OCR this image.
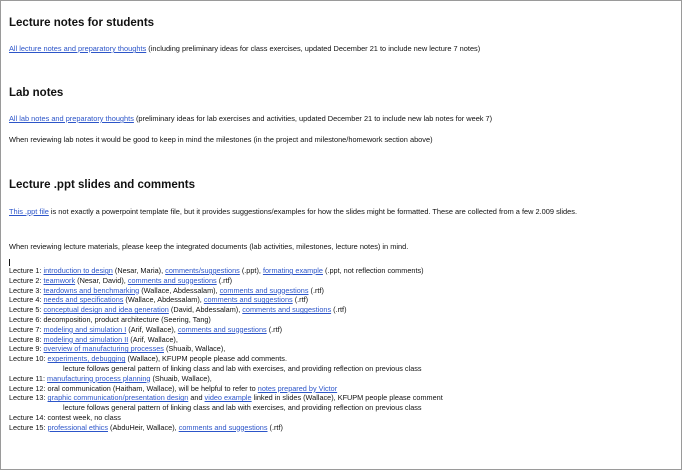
Lecture notes for students

All lecture notes and preparatory thoughts (including preliminary ideas for class exercises, updated December 21 to include new lecture 7 notes)

Lab notes

All lab notes and preparatory thoughts (preliminary ideas for lab exercises and activities, updated December 21 to include new lab notes for week 7)

When reviewing lab notes it would be good to keep in mind the milestones (in the project and milestone/homework section above)

Lecture .ppt slides and comments

This .ppt file is not exactly a powerpoint template file, but it provides suggestions/examples for how the slides might be formatted. These are collected from a few 2.009 slides.

When reviewing lecture materials, please keep the integrated documents (lab activities, milestones, lecture notes) in mind.

Lecture 1: introduction to design (Nesar, Maria), comments/suggestions (.ppt), formating example (.ppt, not reflection comments)
Lecture 2: teamwork (Nesar, David), comments and suggestions (.rtf)
Lecture 3: teardowns and benchmarking (Wallace, Abdessalam), comments and suggestions (.rtf)
Lecture 4: needs and specifications (Wallace, Abdessalam), comments and suggestions (.rtf)
Lecture 5: conceptual design and idea generation (David, Abdessalam), comments and suggestions (.rtf)
Lecture 6: decomposition, product architecture (Seering, Tang)
Lecture 7: modeling and simulation I (Arif, Wallace), comments and suggestions (.rtf)
Lecture 8: modeling and simulation II (Arif, Wallace),
Lecture 9: overview of manufacturing processes (Shuaib, Wallace),
Lecture 10: experiments, debugging (Wallace), KFUPM people please add comments.
lecture follows general pattern of linking class and lab with exercises, and providing reflection on previous class
Lecture 11: manufacturing process planning (Shuaib, Wallace),
Lecture 12: oral communication (Haitham, Wallace), will be helpful to refer to notes prepared by Victor
Lecture 13: graphic communication/presentation design and video example linked in slides (Wallace), KFUPM people please comment
lecture follows general pattern of linking class and lab with exercises, and providing reflection on previous class
Lecture 14: contest week, no class
Lecture 15: professional ethics (AbduHeir, Wallace), comments and suggestions (.rtf)
